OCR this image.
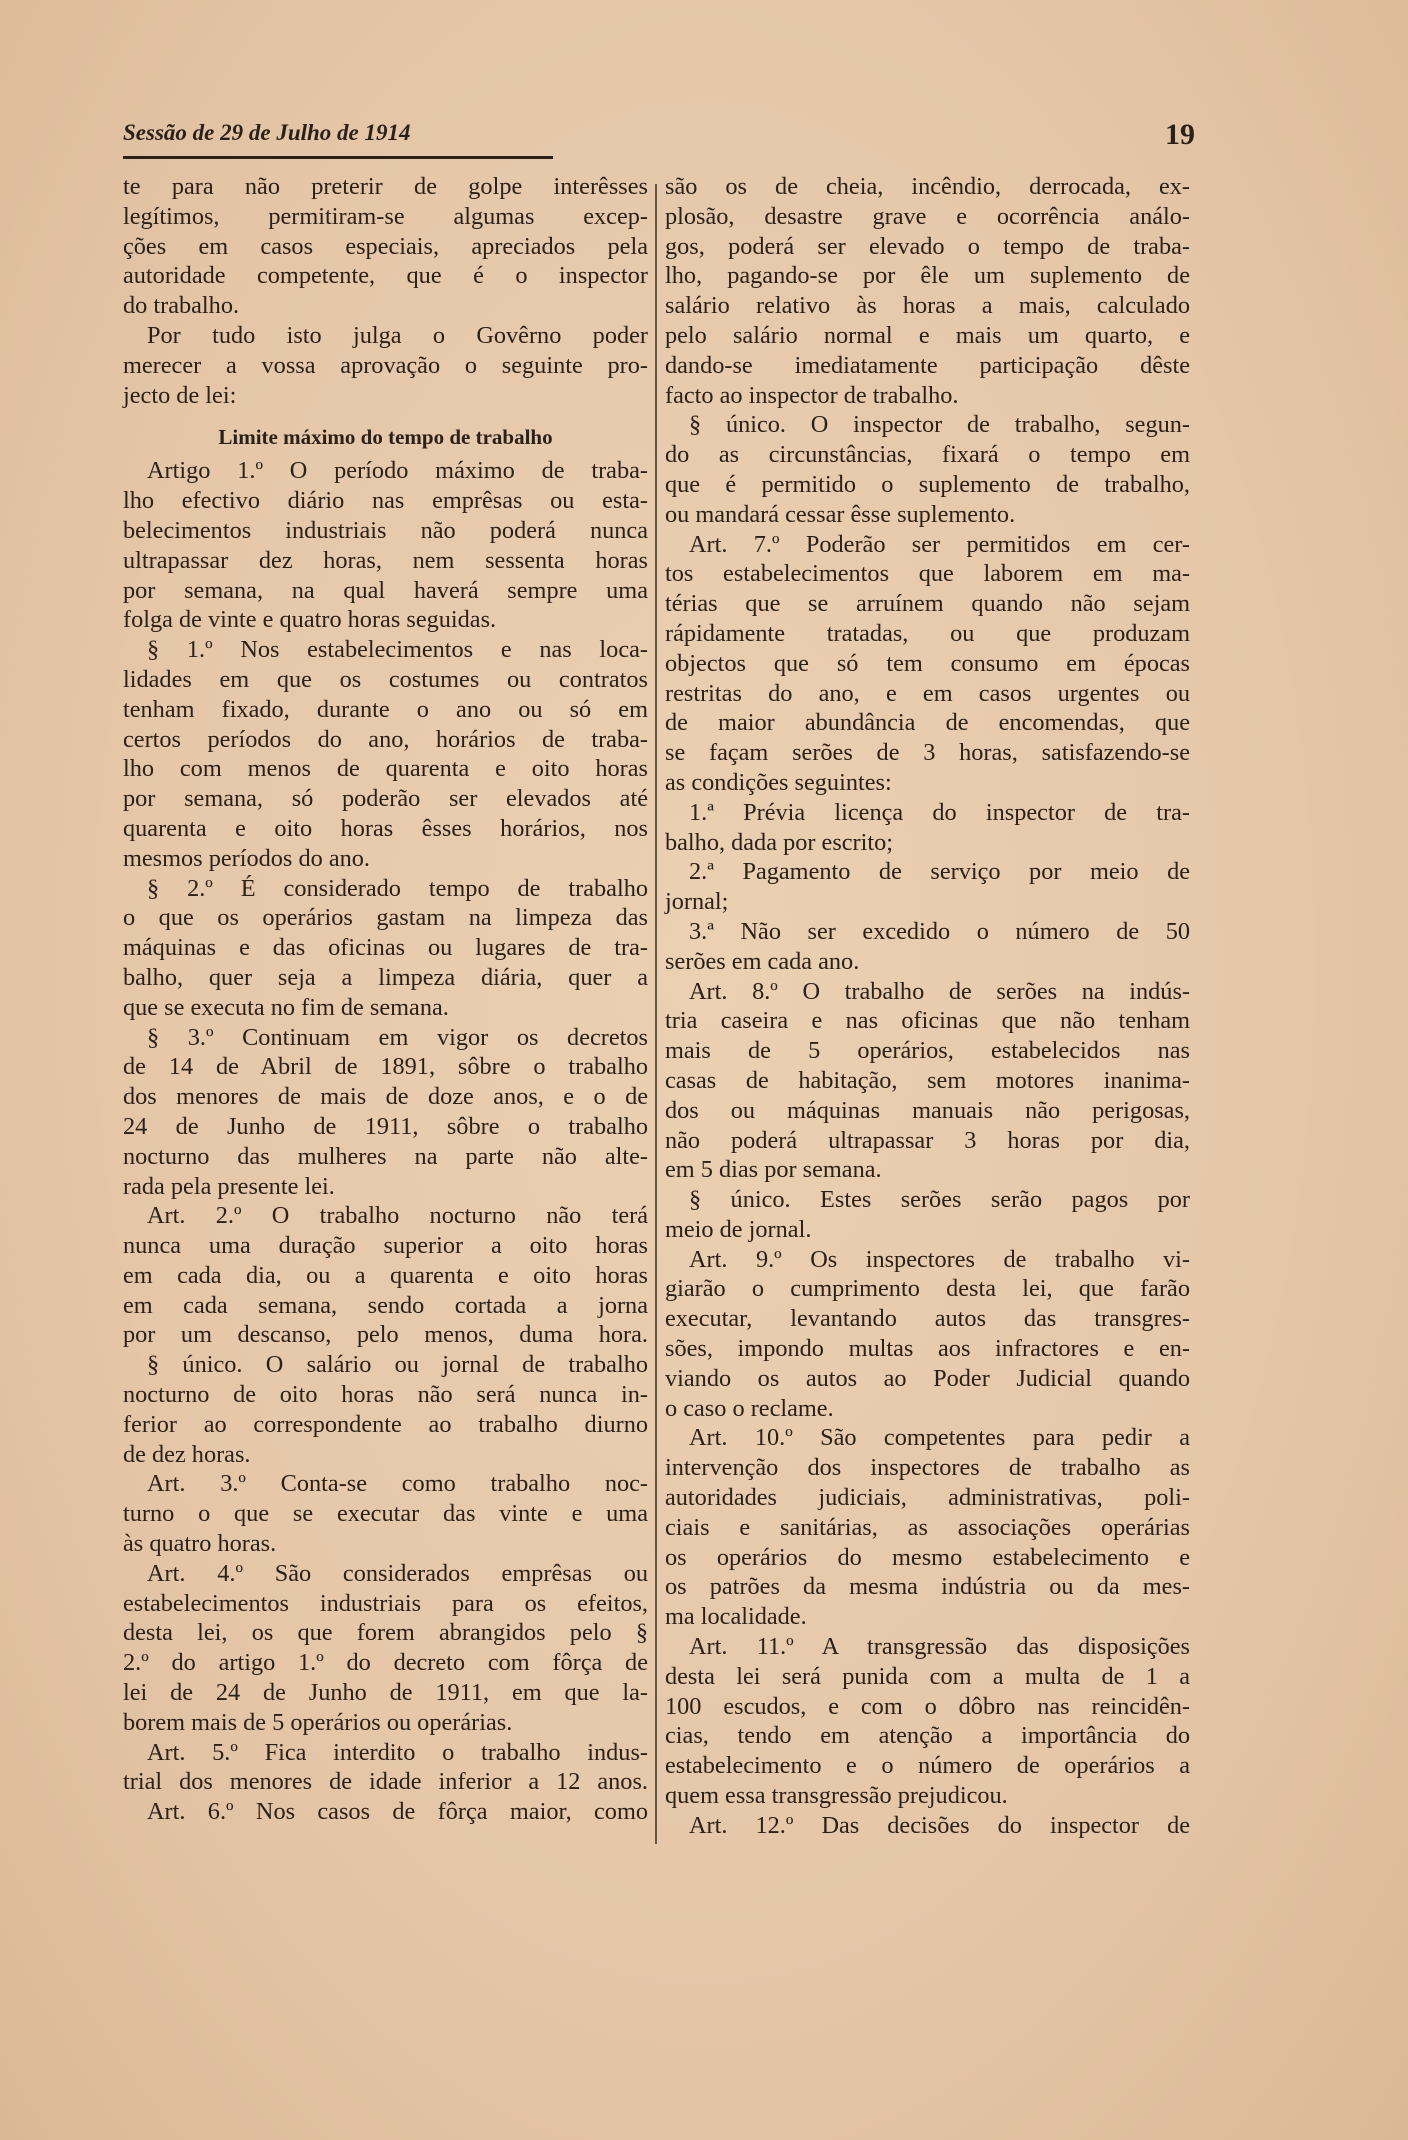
Sessão de 29 de Julho de 1914	19
te para não preterir de golpe interêsses
legítimos, permitiram-se algumas excep-
ções em casos especiais, apreciados pela
autoridade competente, que é o inspector
do trabalho.
Por tudo isto julga o Govêrno poder
merecer a vossa aprovação o seguinte pro-
jecto de lei:
Limite máximo do tempo de trabalho
Artigo 1.º O período máximo de traba-
lho efectivo diário nas emprêsas ou esta-
belecimentos industriais não poderá nunca
ultrapassar dez horas, nem sessenta horas
por semana, na qual haverá sempre uma
folga de vinte e quatro horas seguidas.
§ 1.º Nos estabelecimentos e nas loca-
lidades em que os costumes ou contratos
tenham fixado, durante o ano ou só em
certos períodos do ano, horários de traba-
lho com menos de quarenta e oito horas
por semana, só poderão ser elevados até
quarenta e oito horas êsses horários, nos
mesmos períodos do ano.
§ 2.º É considerado tempo de trabalho
o que os operários gastam na limpeza das
máquinas e das oficinas ou lugares de tra-
balho, quer seja a limpeza diária, quer a
que se executa no fim de semana.
§ 3.º Continuam em vigor os decretos
de 14 de Abril de 1891, sôbre o trabalho
dos menores de mais de doze anos, e o de
24 de Junho de 1911, sôbre o trabalho
nocturno das mulheres na parte não alte-
rada pela presente lei.
Art. 2.º O trabalho nocturno não terá
nunca uma duração superior a oito horas
em cada dia, ou a quarenta e oito horas
em cada semana, sendo cortada a jorna
por um descanso, pelo menos, duma hora.
§ único. O salário ou jornal de trabalho
nocturno de oito horas não será nunca in-
ferior ao correspondente ao trabalho diurno
de dez horas.
Art. 3.º Conta-se como trabalho noc-
turno o que se executar das vinte e uma
às quatro horas.
Art. 4.º São considerados emprêsas ou
estabelecimentos industriais para os efeitos,
desta lei, os que forem abrangidos pelo §
2.º do artigo 1.º do decreto com fôrça de
lei de 24 de Junho de 1911, em que la-
borem mais de 5 operários ou operárias.
Art. 5.º Fica interdito o trabalho indus-
trial dos menores de idade inferior a 12 anos.
Art. 6.º Nos casos de fôrça maior, como
são os de cheia, incêndio, derrocada, ex-
plosão, desastre grave e ocorrência análo-
gos, poderá ser elevado o tempo de traba-
lho, pagando-se por êle um suplemento de
salário relativo às horas a mais, calculado
pelo salário normal e mais um quarto, e
dando-se imediatamente participação dêste
facto ao inspector de trabalho.
§ único. O inspector de trabalho, segun-
do as circunstâncias, fixará o tempo em
que é permitido o suplemento de trabalho,
ou mandará cessar êsse suplemento.
Art. 7.º Poderão ser permitidos em cer-
tos estabelecimentos que laborem em ma-
térias que se arruínem quando não sejam
rápidamente tratadas, ou que produzam
objectos que só tem consumo em épocas
restritas do ano, e em casos urgentes ou
de maior abundância de encomendas, que
se façam serões de 3 horas, satisfazendo-se
as condições seguintes:
1.ª Prévia licença do inspector de tra-
balho, dada por escrito;
2.ª Pagamento de serviço por meio de
jornal;
3.ª Não ser excedido o número de 50
serões em cada ano.
Art. 8.º O trabalho de serões na indús-
tria caseira e nas oficinas que não tenham
mais de 5 operários, estabelecidos nas
casas de habitação, sem motores inanima-
dos ou máquinas manuais não perigosas,
não poderá ultrapassar 3 horas por dia,
em 5 dias por semana.
§ único. Estes serões serão pagos por
meio de jornal.
Art. 9.º Os inspectores de trabalho vi-
giarão o cumprimento desta lei, que farão
executar, levantando autos das transgres-
sões, impondo multas aos infractores e en-
viando os autos ao Poder Judicial quando
o caso o reclame.
Art. 10.º São competentes para pedir a
intervenção dos inspectores de trabalho as
autoridades judiciais, administrativas, poli-
ciais e sanitárias, as associações operárias
os operários do mesmo estabelecimento e
os patrões da mesma indústria ou da mes-
ma localidade.
Art. 11.º A transgressão das disposições
desta lei será punida com a multa de 1 a
100 escudos, e com o dôbro nas reincidên-
cias, tendo em atenção a importância do
estabelecimento e o número de operários a
quem essa transgressão prejudicou.
Art. 12.º Das decisões do inspector de
